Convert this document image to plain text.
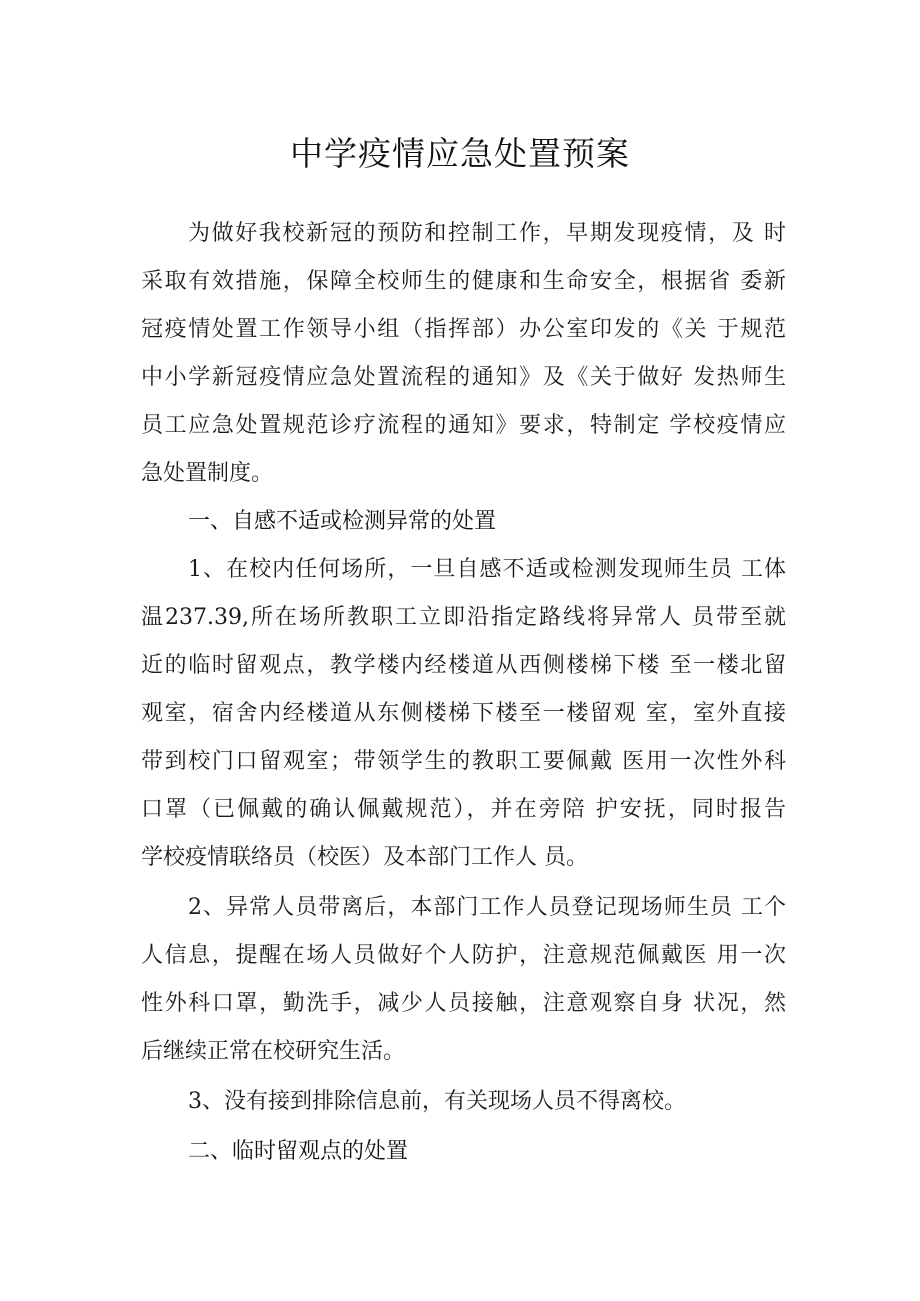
中学疫情应急处置预案

为做好我校新冠的预防和控制工作，早期发现疫情，及 时

采取有效措施，保障全校师生的健康和生命安全，根据省 委新

冠疫情处置工作领导小组（指挥部）办公室印发的《关 于规范

中小学新冠疫情应急处置流程的通知》及《关于做好 发热师生

员工应急处置规范诊疗流程的通知》要求，特制定 学校疫情应

急处置制度。

一、自感不适或检测异常的处置

1、在校内任何场所，一旦自感不适或检测发现师生员 工体

温237.39,所在场所教职工立即沿指定路线将异常人 员带至就

近的临时留观点，教学楼内经楼道从西侧楼梯下楼 至一楼北留

观室，宿舍内经楼道从东侧楼梯下楼至一楼留观 室，室外直接

带到校门口留观室；带领学生的教职工要佩戴 医用一次性外科

口罩（已佩戴的确认佩戴规范），并在旁陪 护安抚，同时报告

学校疫情联络员（校医）及本部门工作人 员。

2、异常人员带离后，本部门工作人员登记现场师生员 工个

人信息，提醒在场人员做好个人防护，注意规范佩戴医 用一次

性外科口罩，勤洗手，减少人员接触，注意观察自身 状况，然

后继续正常在校研究生活。

3、没有接到排除信息前，有关现场人员不得离校。

二、临时留观点的处置
